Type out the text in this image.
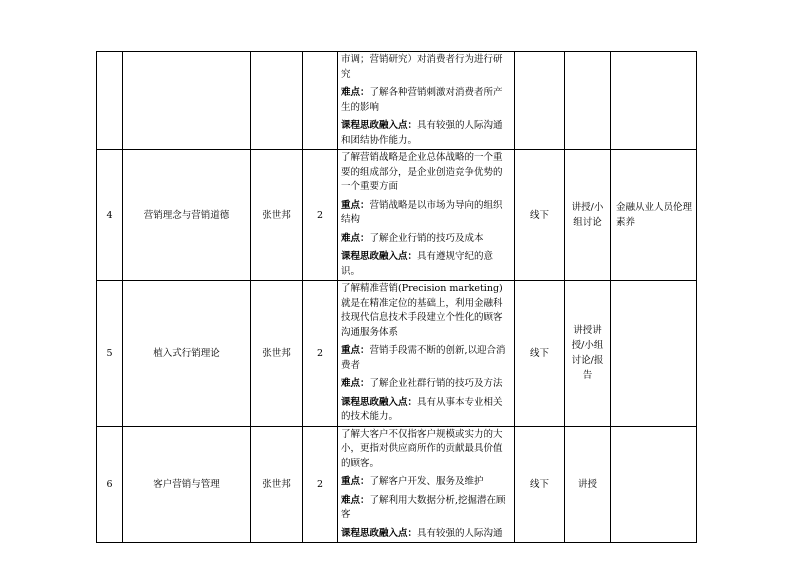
				市调；营销研究）对消费者行为进行研究

难点：了解各种营销刺激对消费者所产生的影响

课程思政融入点：具有较强的人际沟通和团结协作能力。			

4	营销理念与营销道德	张世邦	2	了解营销战略是企业总体战略的一个重要的组成部分，是企业创造竞争优势的一个重要方面

重点：营销战略是以市场为导向的组织结构

难点：了解企业行销的技巧及成本

课程思政融入点：具有遵规守纪的意识。	线下	讲授/小组讨论	金融从业人员伦理素养
5	植入式行销理论	张世邦	2	了解精准营销(Precision marketing)就是在精准定位的基础上，利用金融科技现代信息技术手段建立个性化的顾客沟通服务体系

重点：营销手段需不断的创新,以迎合消费者

难点：了解企业社群行销的技巧及方法

课程思政融入点：具有从事本专业相关的技术能力。	线下	讲授讲授/小组讨论/报告	
6	客户营销与管理	张世邦	2	了解大客户不仅指客户规模或实力的大小，更指对供应商所作的贡献最具价值的顾客。

重点：了解客户开发、服务及维护

难点：了解利用大数据分析,挖掘潜在顾客

课程思政融入点：具有较强的人际沟通	线下	讲授	
